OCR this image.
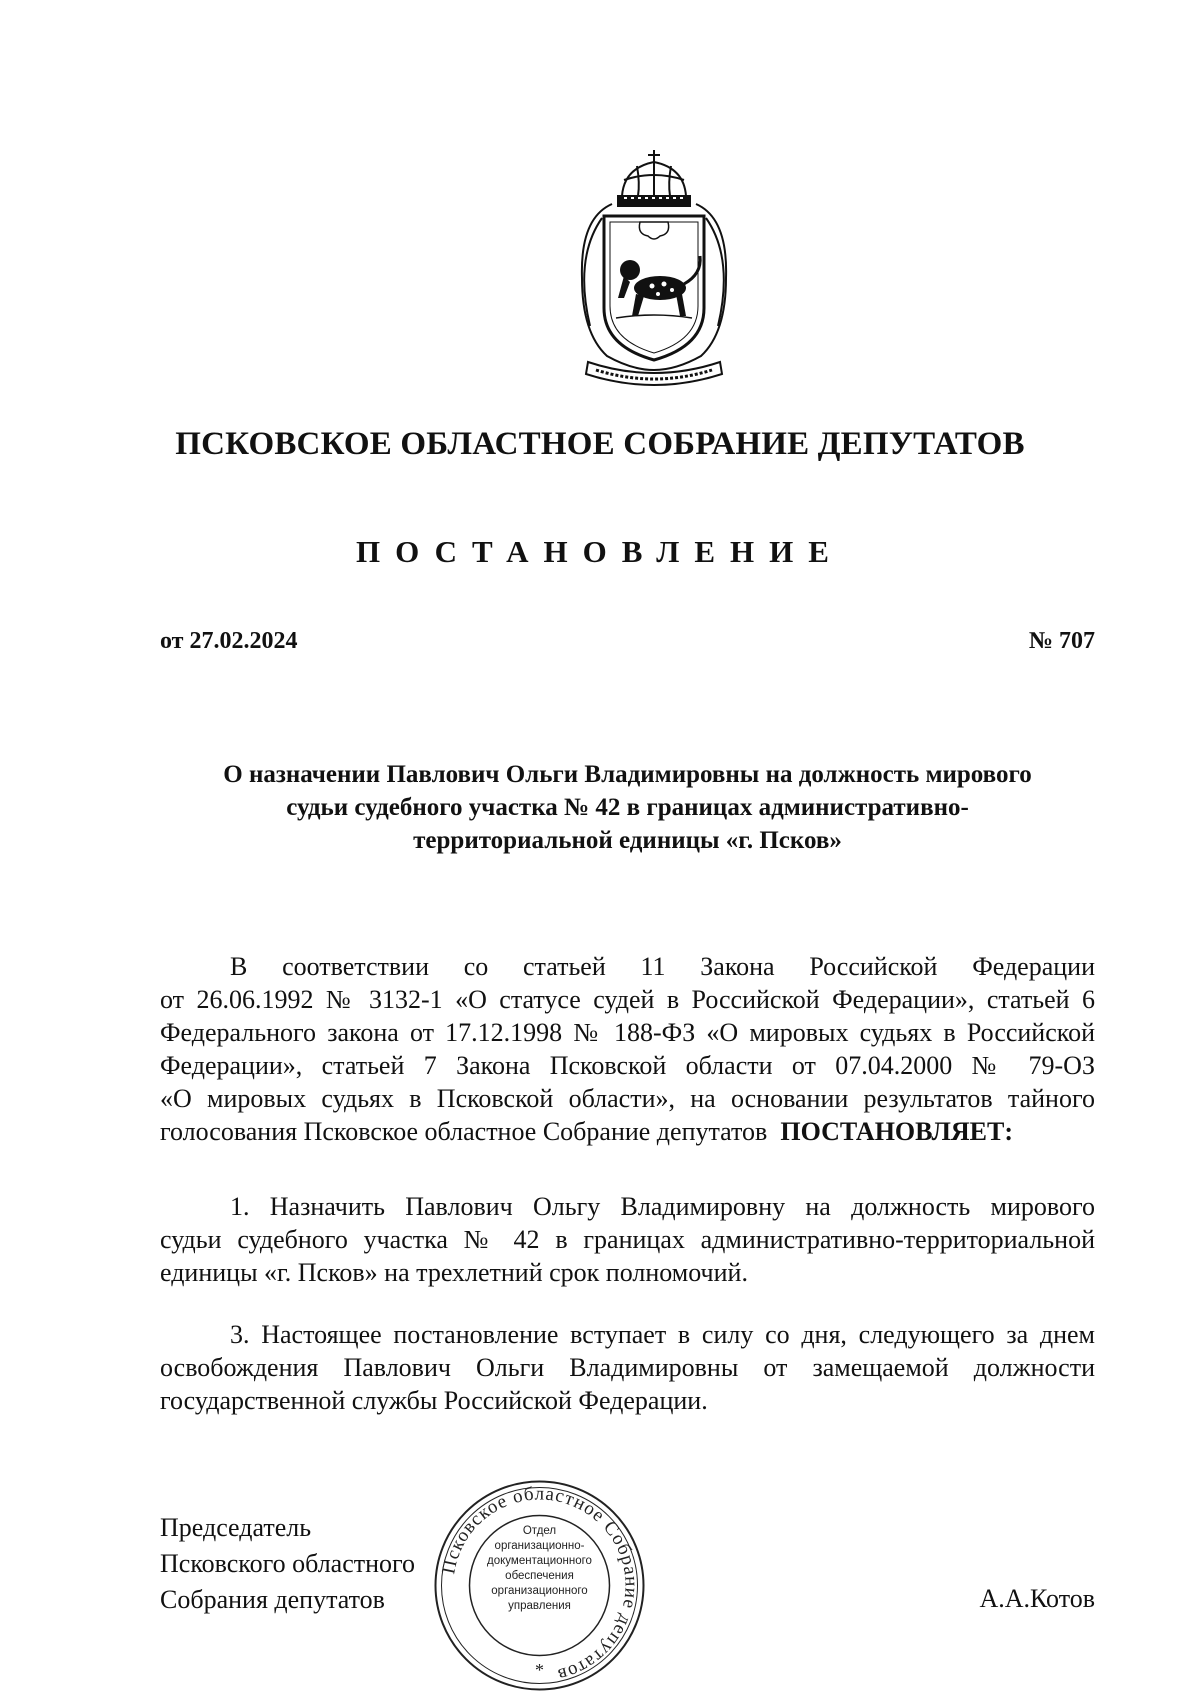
ПСКОВСКОЕ ОБЛАСТНОЕ СОБРАНИЕ ДЕПУТАТОВ
ПОСТАНОВЛЕНИЕ
от 27.02.2024	№ 707
О назначении Павлович Ольги Владимировны на должность мирового
судьи судебного участка № 42 в границах административно-
территориальной единицы «г. Псков»
В соответствии со статьей 11 Закона Российской Федерации
от 26.06.1992 № 3132-1 «О статусе судей в Российской Федерации», статьей 6
Федерального закона от 17.12.1998 № 188-ФЗ «О мировых судьях в Российской
Федерации», статьей 7 Закона Псковской области от 07.04.2000 № 79-ОЗ
«О мировых судьях в Псковской области», на основании результатов тайного
голосования Псковское областное Собрание депутатов ПОСТАНОВЛЯЕТ:
1. Назначить Павлович Ольгу Владимировну на должность мирового
судьи судебного участка № 42 в границах административно-территориальной
единицы «г. Псков» на трехлетний срок полномочий.
3. Настоящее постановление вступает в силу со дня, следующего за днем
освобождения Павлович Ольги Владимировны от замещаемой должности
государственной службы Российской Федерации.
Председатель
Псковского областного
Собрания депутатов
Псковское областное Собрание депутатов
*
Отдел
организационно-
документационного
обеспечения
организационного
управления	А.А.Котов
